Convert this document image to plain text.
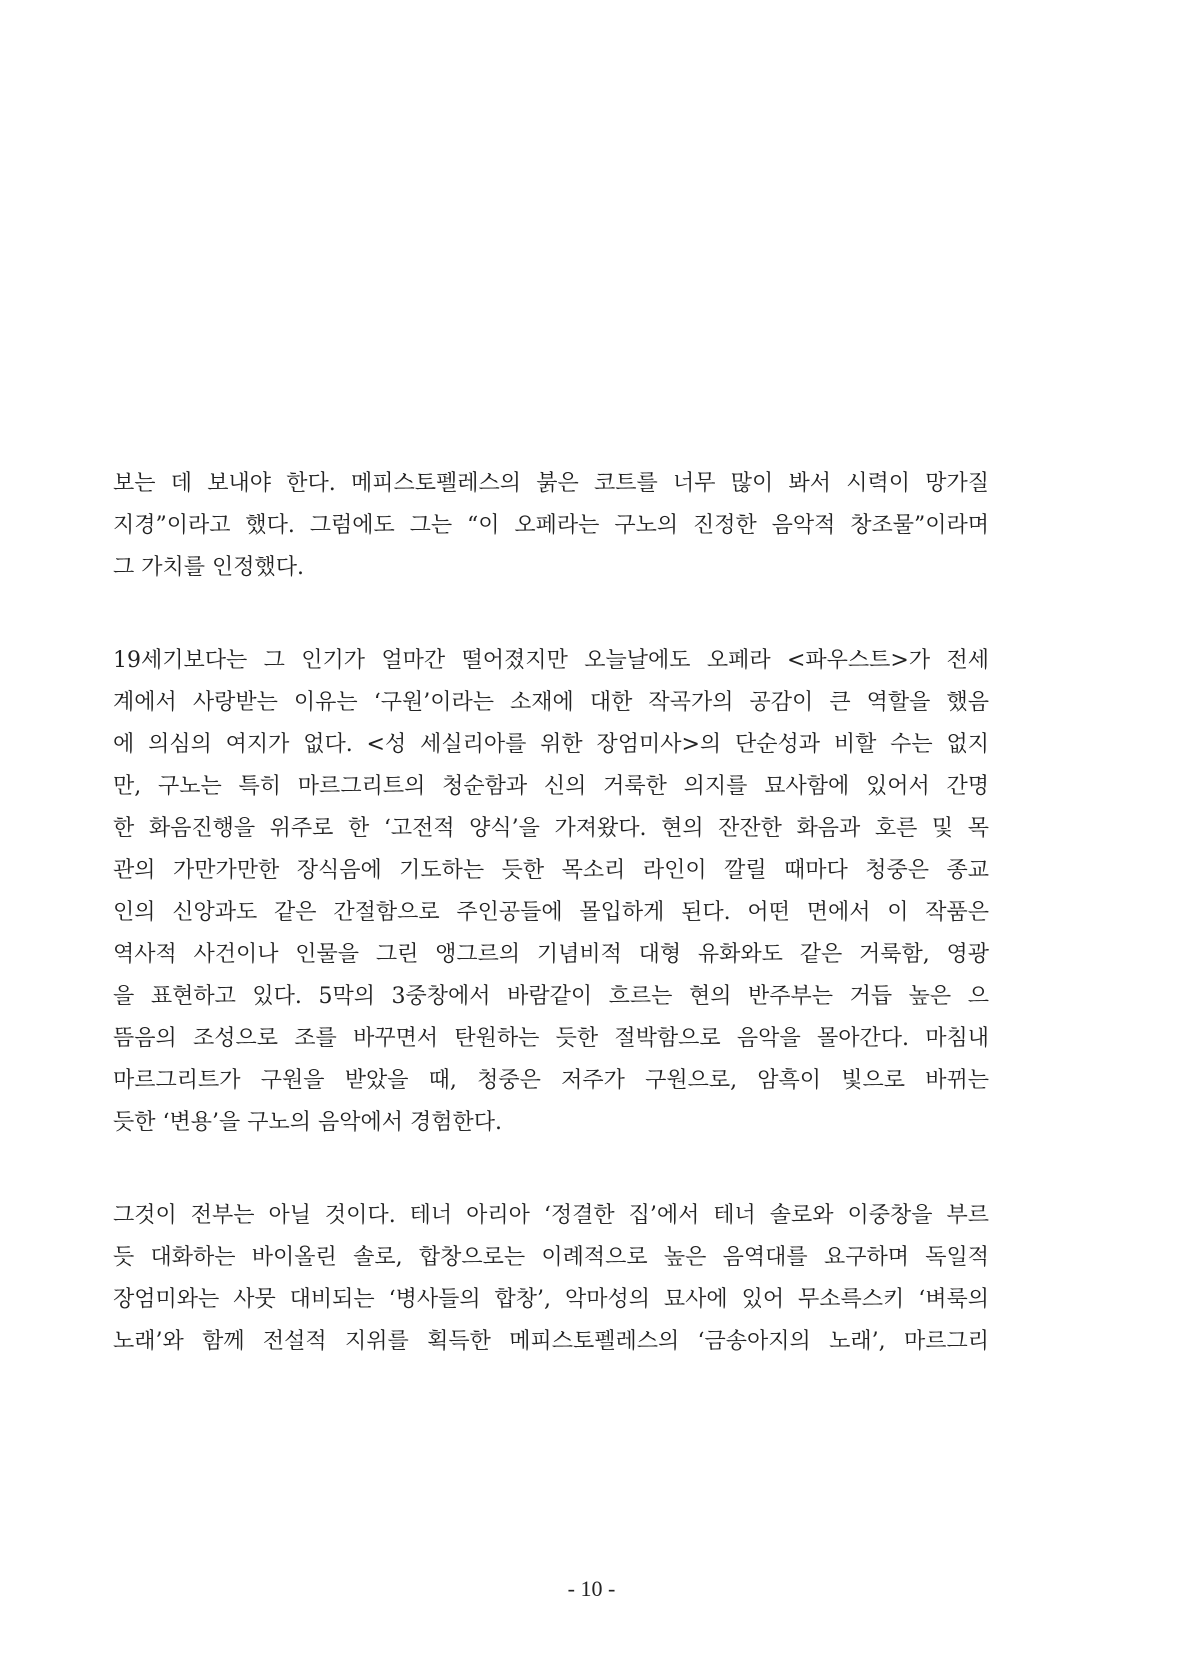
보는 데 보내야 한다. 메피스토펠레스의 붉은 코트를 너무 많이 봐서 시력이 망가질
지경”이라고 했다. 그럼에도 그는 “이 오페라는 구노의 진정한 음악적 창조물”이라며
그 가치를 인정했다.

19세기보다는 그 인기가 얼마간 떨어졌지만 오늘날에도 오페라 <파우스트>가 전세
계에서 사랑받는 이유는 ‘구원’이라는 소재에 대한 작곡가의 공감이 큰 역할을 했음
에 의심의 여지가 없다. <성 세실리아를 위한 장엄미사>의 단순성과 비할 수는 없지
만, 구노는 특히 마르그리트의 청순함과 신의 거룩한 의지를 묘사함에 있어서 간명
한 화음진행을 위주로 한 ‘고전적 양식’을 가져왔다. 현의 잔잔한 화음과 호른 및 목
관의 가만가만한 장식음에 기도하는 듯한 목소리 라인이 깔릴 때마다 청중은 종교
인의 신앙과도 같은 간절함으로 주인공들에 몰입하게 된다. 어떤 면에서 이 작품은
역사적 사건이나 인물을 그린 앵그르의 기념비적 대형 유화와도 같은 거룩함, 영광
을 표현하고 있다. 5막의 3중창에서 바람같이 흐르는 현의 반주부는 거듭 높은 으
뜸음의 조성으로 조를 바꾸면서 탄원하는 듯한 절박함으로 음악을 몰아간다. 마침내
마르그리트가 구원을 받았을 때, 청중은 저주가 구원으로, 암흑이 빛으로 바뀌는
듯한 ‘변용’을 구노의 음악에서 경험한다.

그것이 전부는 아닐 것이다. 테너 아리아 ‘정결한 집’에서 테너 솔로와 이중창을 부르
듯 대화하는 바이올린 솔로, 합창으로는 이례적으로 높은 음역대를 요구하며 독일적
장엄미와는 사뭇 대비되는 ‘병사들의 합창’, 악마성의 묘사에 있어 무소륵스키 ‘벼룩의
노래’와 함께 전설적 지위를 획득한 메피스토펠레스의 ‘금송아지의 노래’, 마르그리

- 10 -
